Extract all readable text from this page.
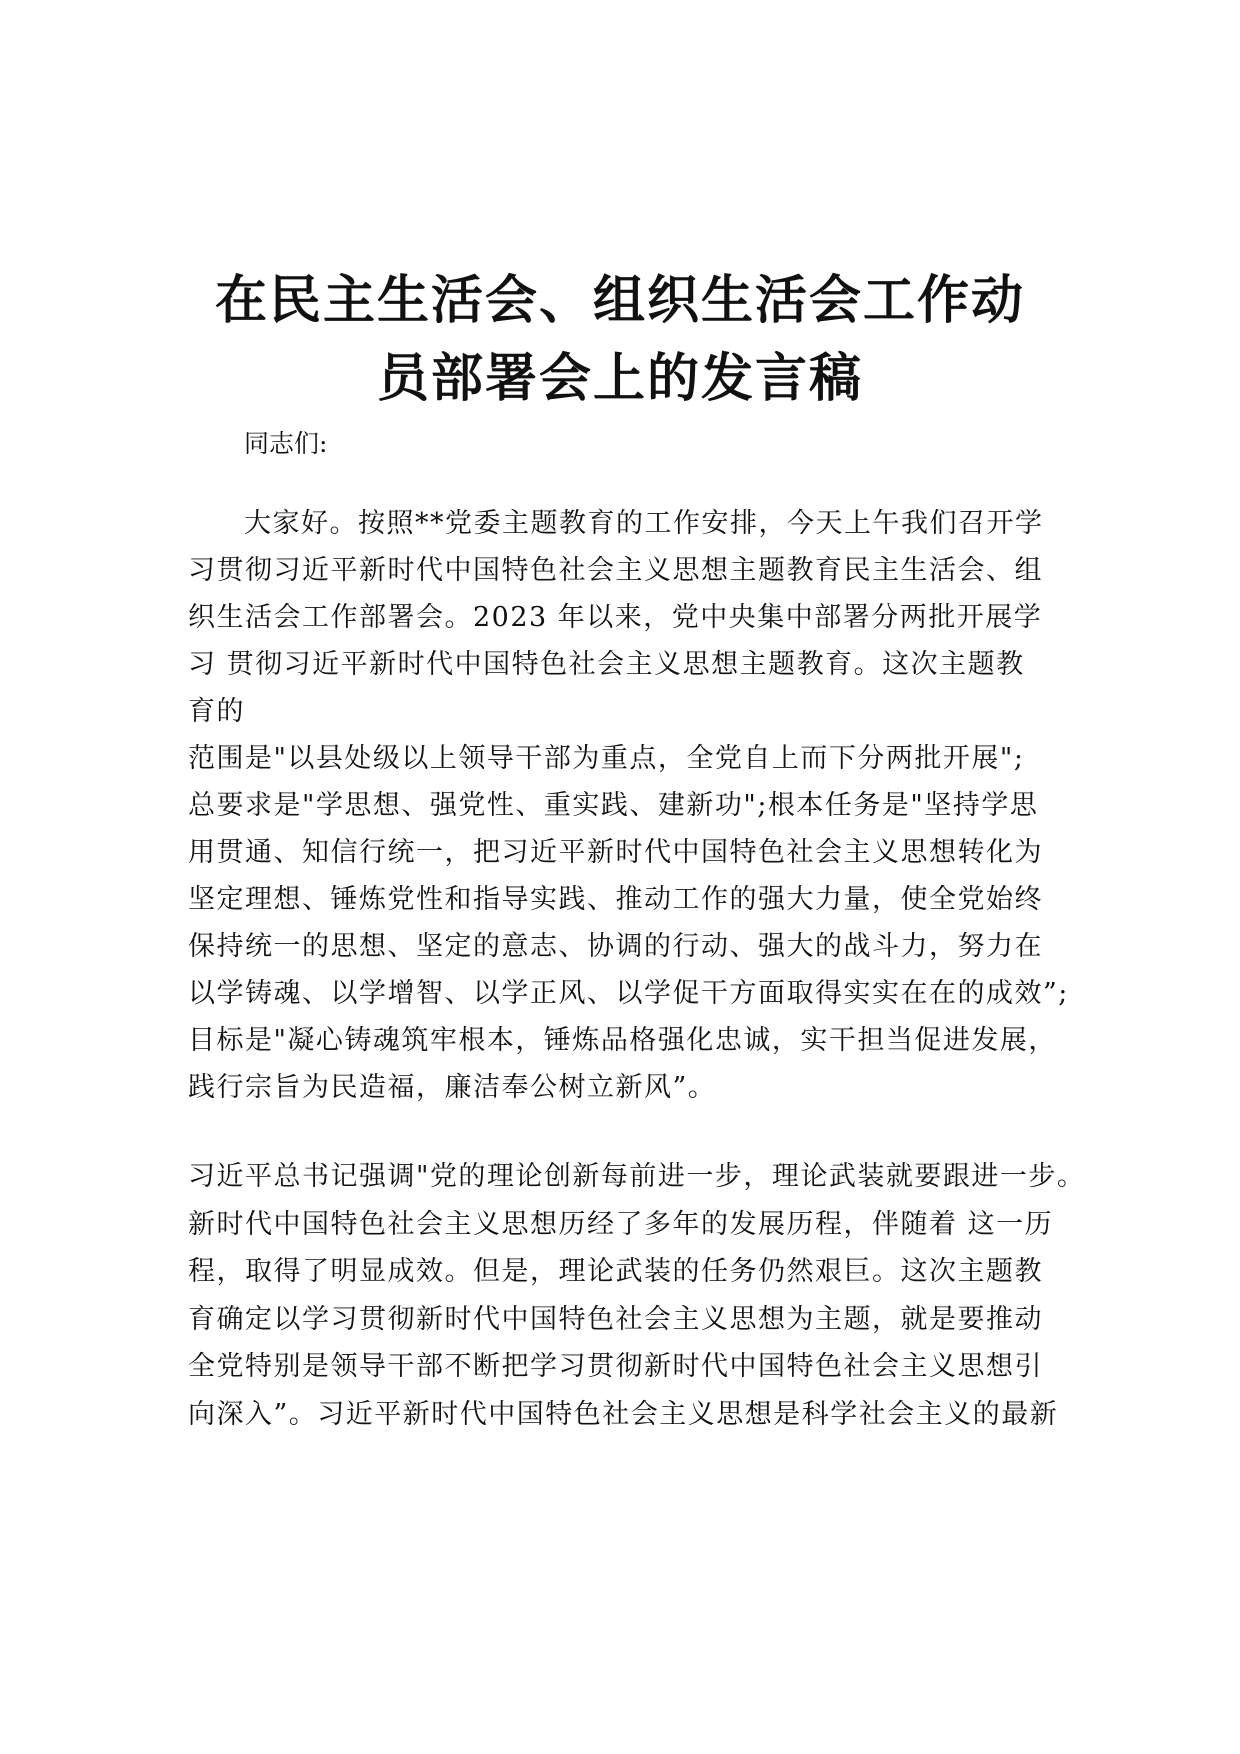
在民主生活会、组织生活会工作动
员部署会上的发言稿

同志们:

大家好。按照**党委主题教育的工作安排，今天上午我们召开学
习贯彻习近平新时代中国特色社会主义思想主题教育民主生活会、组
织生活会工作部署会。2023 年以来，党中央集中部署分两批开展学
习 贯彻习近平新时代中国特色社会主义思想主题教育。这次主题教
育的
范围是"以县处级以上领导干部为重点，全党自上而下分两批开展";
总要求是"学思想、强党性、重实践、建新功";根本任务是"坚持学思
用贯通、知信行统一，把习近平新时代中国特色社会主义思想转化为
坚定理想、锤炼党性和指导实践、推动工作的强大力量，使全党始终
保持统一的思想、坚定的意志、协调的行动、强大的战斗力，努力在
以学铸魂、以学增智、以学正风、以学促干方面取得实实在在的成效”;
目标是"凝心铸魂筑牢根本，锤炼品格强化忠诚，实干担当促进发展，
践行宗旨为民造福，廉洁奉公树立新风”。
习近平总书记强调"党的理论创新每前进一步，理论武装就要跟进一步。
新时代中国特色社会主义思想历经了多年的发展历程，伴随着 这一历
程，取得了明显成效。但是，理论武装的任务仍然艰巨。这次主题教
育确定以学习贯彻新时代中国特色社会主义思想为主题，就是要推动
全党特别是领导干部不断把学习贯彻新时代中国特色社会主义思想引
向深入”。习近平新时代中国特色社会主义思想是科学社会主义的最新
